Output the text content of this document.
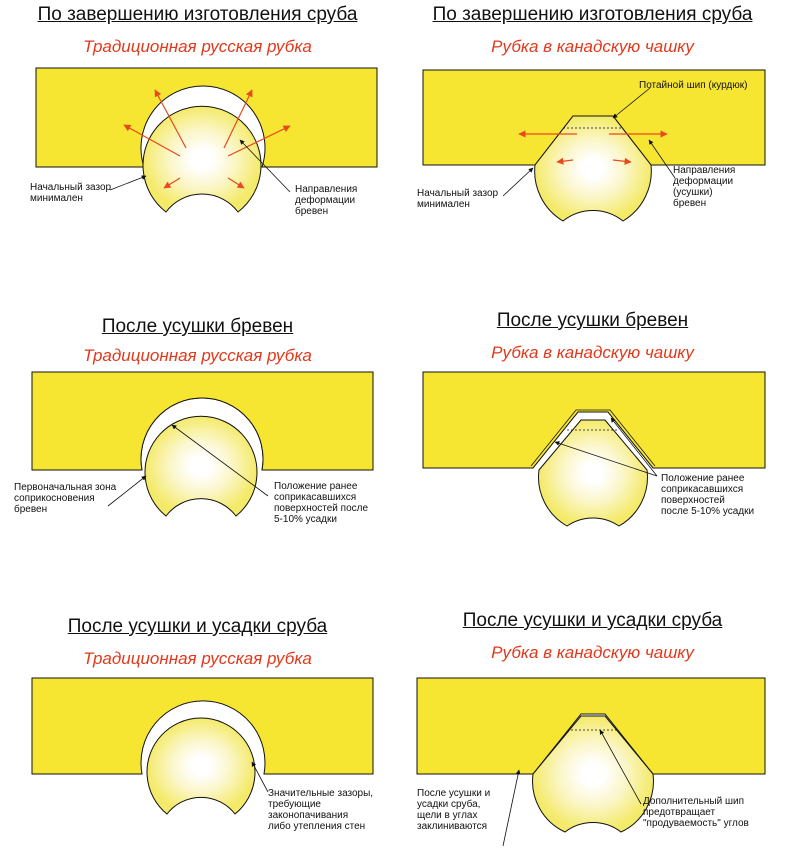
По завершению изготовления сруба
Традиционная русская рубка
Начальный зазор
минимален
Направления
деформации
бревен
По завершению изготовления сруба
Рубка в канадскую чашку
Потайной шип (курдюк)
Начальный зазор
минимален
Направления
деформации
(усушки)
бревен
После усушки бревен
Традиционная русская рубка
Первоначальная зона
соприкосновения
бревен
Положение ранее
соприкасавшихся
поверхностей после
5-10% усадки
После усушки бревен
Рубка в канадскую чашку
Положение ранее
соприкасавшихся
поверхностей
после 5-10% усадки
После усушки и усадки сруба
Традиционная русская рубка
Значительные зазоры,
требующие
законопачивания
либо утепления стен
После усушки и усадки сруба
Рубка в канадскую чашку
После усушки и
усадки сруба,
щели в углах
заклиниваются
Дополнительный шип
предотвращает
"продуваемость" углов
